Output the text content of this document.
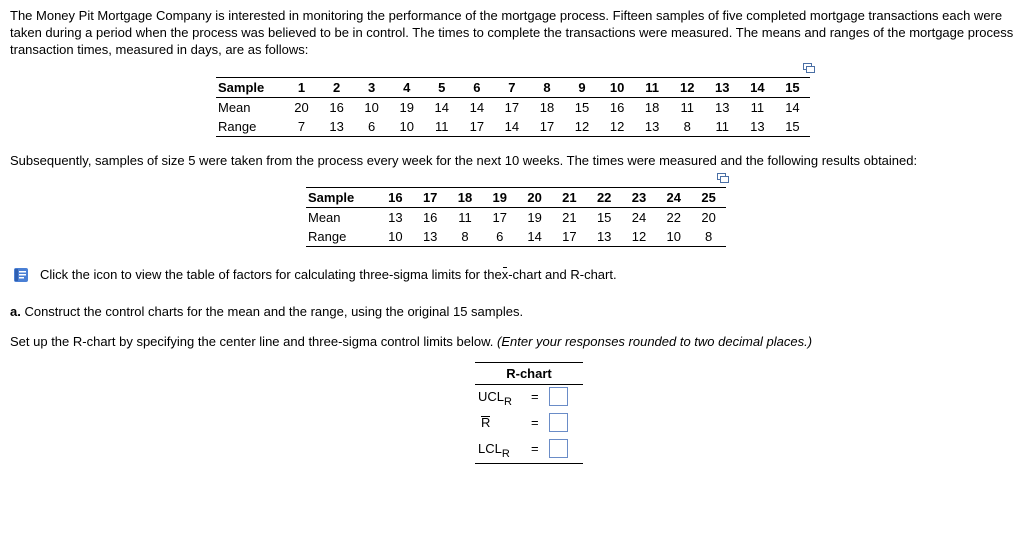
The Money Pit Mortgage Company is interested in monitoring the performance of the mortgage process. Fifteen samples of five completed mortgage transactions each were taken during a period when the process was believed to be in control. The times to complete the transactions were measured. The means and ranges of the mortgage process transaction times, measured in days, are as follows:

Sample	1	2	3	4	5	6	7	8	9	10	11	12	13	14	15
Mean	20	16	10	19	14	14	17	18	15	16	18	11	13	11	14
Range	7	13	6	10	11	17	14	17	12	12	13	8	11	13	15

Subsequently, samples of size 5 were taken from the process every week for the next 10 weeks. The times were measured and the following results obtained:

Sample	16	17	18	19	20	21	22	23	24	25
Mean	13	16	11	17	19	21	15	24	22	20
Range	10	13	8	6	14	17	13	12	10	8
Click the icon to view the table of factors for calculating three-sigma limits for the x -chart and R-chart.

a. Construct the control charts for the mean and the range, using the original 15 samples.

Set up the R-chart by specifying the center line and three-sigma control limits below. (Enter your responses rounded to two decimal places.)

R-chart
$UCL_R$ =
R	=
$LCL_R$ =
